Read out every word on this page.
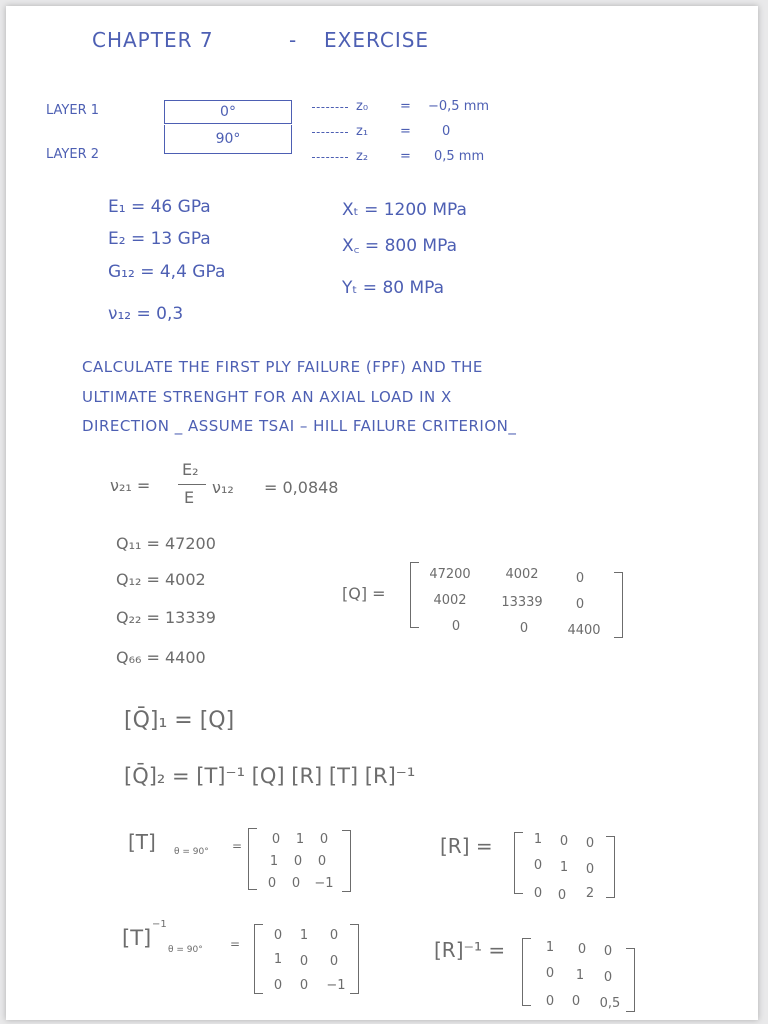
CHAPTER 7	- EXERCISE
LAYER 1
LAYER 2
0°
90°
z₀ = −0,5 mm
z₁ = 0
z₂ = 0,5 mm
E₁ = 46 GPa
E₂ = 13 GPa
G₁₂ = 4,4 GPa
ν₁₂ = 0,3
Xₜ = 1200 MPa
X꜀ = 800 MPa
Yₜ = 80 MPa
CALCULATE THE FIRST PLY FAILURE (FPF) AND THE
ULTIMATE STRENGHT FOR AN AXIAL LOAD IN X
DIRECTION _ ASSUME TSAI – HILL FAILURE CRITERION_
ν₂₁ =
E₂
E
ν₁₂ = 0,0848
Q₁₁ = 47200
Q₁₂ = 4002
Q₂₂ = 13339
Q₆₆ = 4400
[Q] =
47200	4002	0
4002	13339	0
0	0	4400
[Q̄]₁ = [Q]
[Q̄]₂ = [T]⁻¹ [Q] [R] [T] [R]⁻¹
[T] θ = 90° =	0	1	0
1	0	0
0	0	−1
[R] =	1	0	0
0	1	0
0	0	2
[T]
−1
θ = 90° =
0	1	0
1	0	0
0	0	−1
[R]⁻¹ =	1	0	0
0	1	0
0	0	0,5
